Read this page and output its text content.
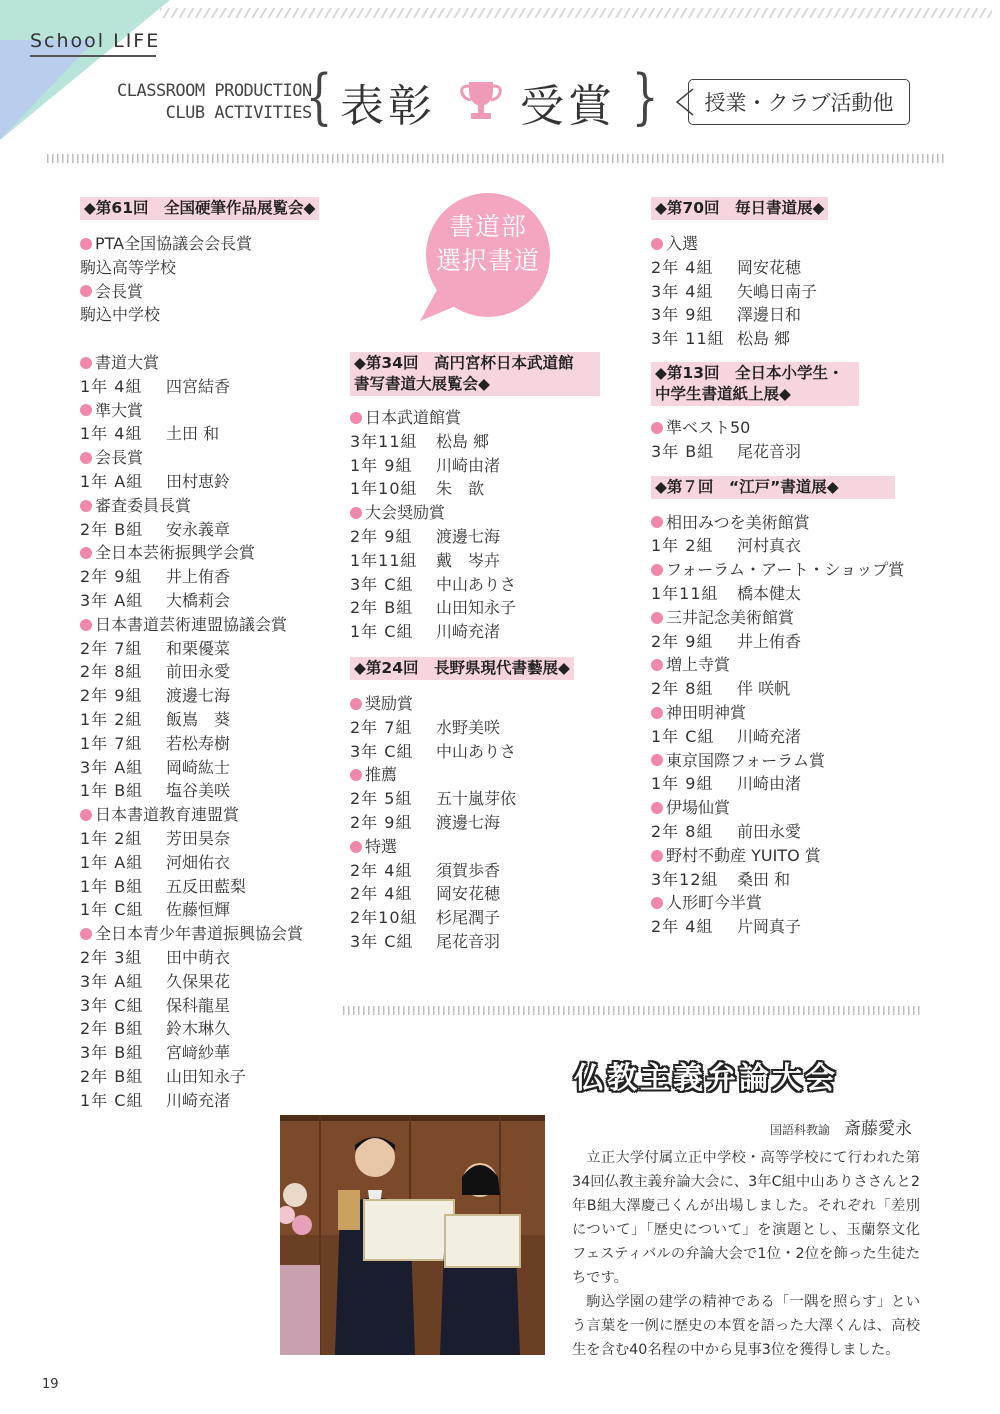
School LIFE
CLASSROOM PRODUCTION
CLUB ACTIVITIES
{ 表彰 受賞 }	授業・クラブ活動他
書道部
選択書道
◆第61回　全国硬筆作品展覧会◆
PTA全国協議会会長賞
駒込高等学校
会長賞
駒込中学校
書道大賞
1年 4組	四宮結香
準大賞
1年 4組	土田 和
会長賞
1年 A組	田村恵鈴
審査委員長賞
2年 B組	安永義章
全日本芸術振興学会賞
2年 9組	井上侑香
3年 A組	大橋莉会
日本書道芸術連盟協議会賞
2年 7組	和栗優菜
2年 8組	前田永愛
2年 9組	渡邊七海
1年 2組	飯嶌　葵
1年 7組	若松寿樹
3年 A組	岡崎紘士
1年 B組	塩谷美咲
日本書道教育連盟賞
1年 2組	芳田昊奈
1年 A組	河畑佑衣
1年 B組	五反田藍梨
1年 C組	佐藤恒輝
全日本青少年書道振興協会賞
2年 3組	田中萌衣
3年 A組	久保果花
3年 C組	保科龍星
2年 B組	鈴木琳久
3年 B組	宮﨑紗華
2年 B組	山田知永子
1年 C組	川崎充渚
◆第34回　高円宮杯日本武道館
書写書道大展覧会◆
日本武道館賞
3年11組	松島 郷
1年 9組	川崎由渚
1年10組	朱　歆
大会奨励賞
2年 9組	渡邊七海
1年11組	戴　岑卉
3年 C組	中山ありさ
2年 B組	山田知永子
1年 C組	川崎充渚
◆第24回　長野県現代書藝展◆
奨励賞
2年 7組	水野美咲
3年 C組	中山ありさ
推薦
2年 5組	五十嵐芽依
2年 9組	渡邊七海
特選
2年 4組	須賀歩香
2年 4組	岡安花穂
2年10組	杉尾潤子
3年 C組	尾花音羽
◆第70回　毎日書道展◆
入選
2年 4組	岡安花穂
3年 4組	矢嶋日南子
3年 9組	澤邊日和
3年 11組 松島 郷
◆第13回　全日本小学生・
中学生書道紙上展◆
準ベスト50
3年 B組	尾花音羽
◆第７回　“江戸”書道展◆
相田みつを美術館賞
1年 2組	河村真衣
フォーラム・アート・ショップ賞
1年11組	橋本健太
三井記念美術館賞
2年 9組	井上侑香
増上寺賞
2年 8組	伴 咲帆
神田明神賞
1年 C組	川崎充渚
東京国際フォーラム賞
1年 9組	川崎由渚
伊場仙賞
2年 8組	前田永愛
野村不動産 YUITO 賞
3年12組	桑田 和
人形町今半賞
2年 4組	片岡真子
仏教主義弁論大会
国語科教諭 斎藤愛永

立正大学付属立正中学校・高等学校にて行われた第34回仏教主義弁論大会に、3年C組中山ありささんと2年B組大澤慶己くんが出場しました。それぞれ「差別について」「歴史について」を演題とし、玉蘭祭文化フェスティバルの弁論大会で1位・2位を飾った生徒たちです。

駒込学園の建学の精神である「一隅を照らす」という言葉を一例に歴史の本質を語った大澤くんは、高校生を含む40名程の中から見事3位を獲得しました。

19
